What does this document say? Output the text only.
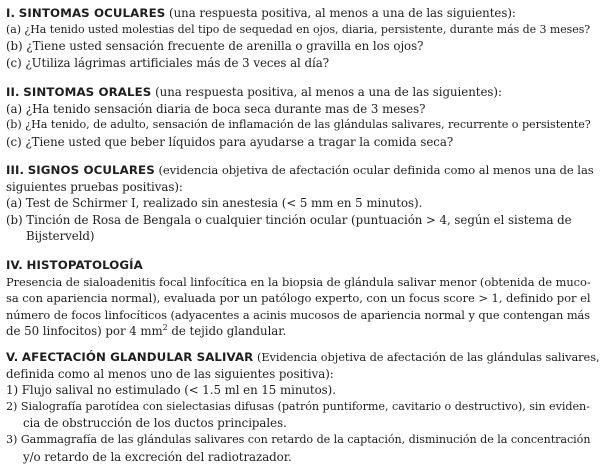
I. SINTOMAS OCULARES (una respuesta positiva, al menos a una de las siguientes):
(a) ¿Ha tenido usted molestias del tipo de sequedad en ojos, diaria, persistente, durante más de 3 meses?
(b) ¿Tiene usted sensación frecuente de arenilla o gravilla en los ojos?
(c) ¿Utiliza lágrimas artificiales más de 3 veces al día?
II. SINTOMAS ORALES (una respuesta positiva, al menos a una de las siguientes):
(a) ¿Ha tenido sensación diaria de boca seca durante mas de 3 meses?
(b) ¿Ha tenido, de adulto, sensación de inflamación de las glándulas salivares, recurrente o persistente?
(c) ¿Tiene usted que beber líquidos para ayudarse a tragar la comida seca?
III. SIGNOS OCULARES (evidencia objetiva de afectación ocular definida como al menos una de las
siguientes pruebas positivas):
(a) Test de Schirmer I, realizado sin anestesia (< 5 mm en 5 minutos).
(b) Tinción de Rosa de Bengala o cualquier tinción ocular (puntuación > 4, según el sistema de
Bijsterveld)
IV. HISTOPATOLOGÍA
Presencia de sialoadenitis focal linfocítica en la biopsia de glándula salivar menor (obtenida de muco-
sa con apariencia normal), evaluada por un patólogo experto, con un focus score > 1, definido por el
número de focos linfocíticos (adyacentes a acinis mucosos de apariencia normal y que contengan más
de 50 linfocitos) por 4 $mm^2$ de tejido glandular.
V. AFECTACIÓN GLANDULAR SALIVAR (Evidencia objetiva de afectación de las glándulas salivares,
definida como al menos uno de las siguientes positiva):
1) Flujo salival no estimulado (< 1.5 ml en 15 minutos).
2) Sialografía parotídea con sielectasias difusas (patrón puntiforme, cavitario o destructivo), sin eviden-
cia de obstrucción de los ductos principales.
3) Gammagrafía de las glándulas salivares con retardo de la captación, disminución de la concentración
y/o retardo de la excreción del radiotrazador.
